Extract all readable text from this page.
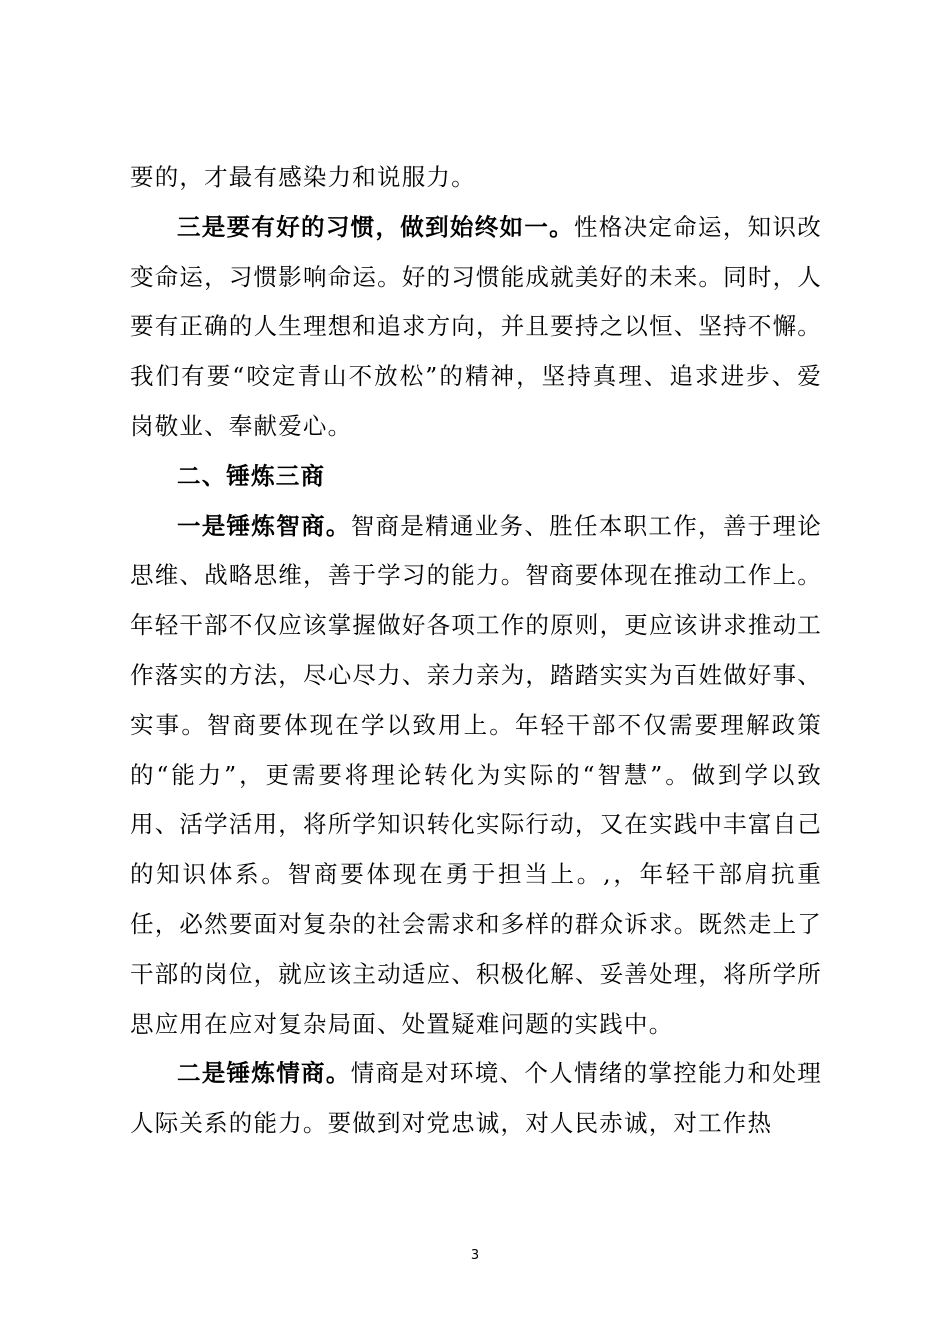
要的，才最有感染力和说服力。

三是要有好的习惯，做到始终如一。性格决定命运，知识改变命运，习惯影响命运。好的习惯能成就美好的未来。同时，人要有正确的人生理想和追求方向，并且要持之以恒、坚持不懈。我们有要“咬定青山不放松”的精神，坚持真理、追求进步、爱岗敬业、奉献爱心。

二、锤炼三商

一是锤炼智商。智商是精通业务、胜任本职工作，善于理论思维、战略思维，善于学习的能力。智商要体现在推动工作上。年轻干部不仅应该掌握做好各项工作的原则，更应该讲求推动工作落实的方法，尽心尽力、亲力亲为，踏踏实实为百姓做好事、实事。智商要体现在学以致用上。年轻干部不仅需要理解政策的“能力”，更需要将理论转化为实际的“智慧”。做到学以致用、活学活用，将所学知识转化实际行动，又在实践中丰富自己的知识体系。智商要体现在勇于担当上。,，年轻干部肩抗重任，必然要面对复杂的社会需求和多样的群众诉求。既然走上了干部的岗位，就应该主动适应、积极化解、妥善处理，将所学所思应用在应对复杂局面、处置疑难问题的实践中。

二是锤炼情商。情商是对环境、个人情绪的掌控能力和处理人际关系的能力。要做到对党忠诚，对人民赤诚，对工作热

3
